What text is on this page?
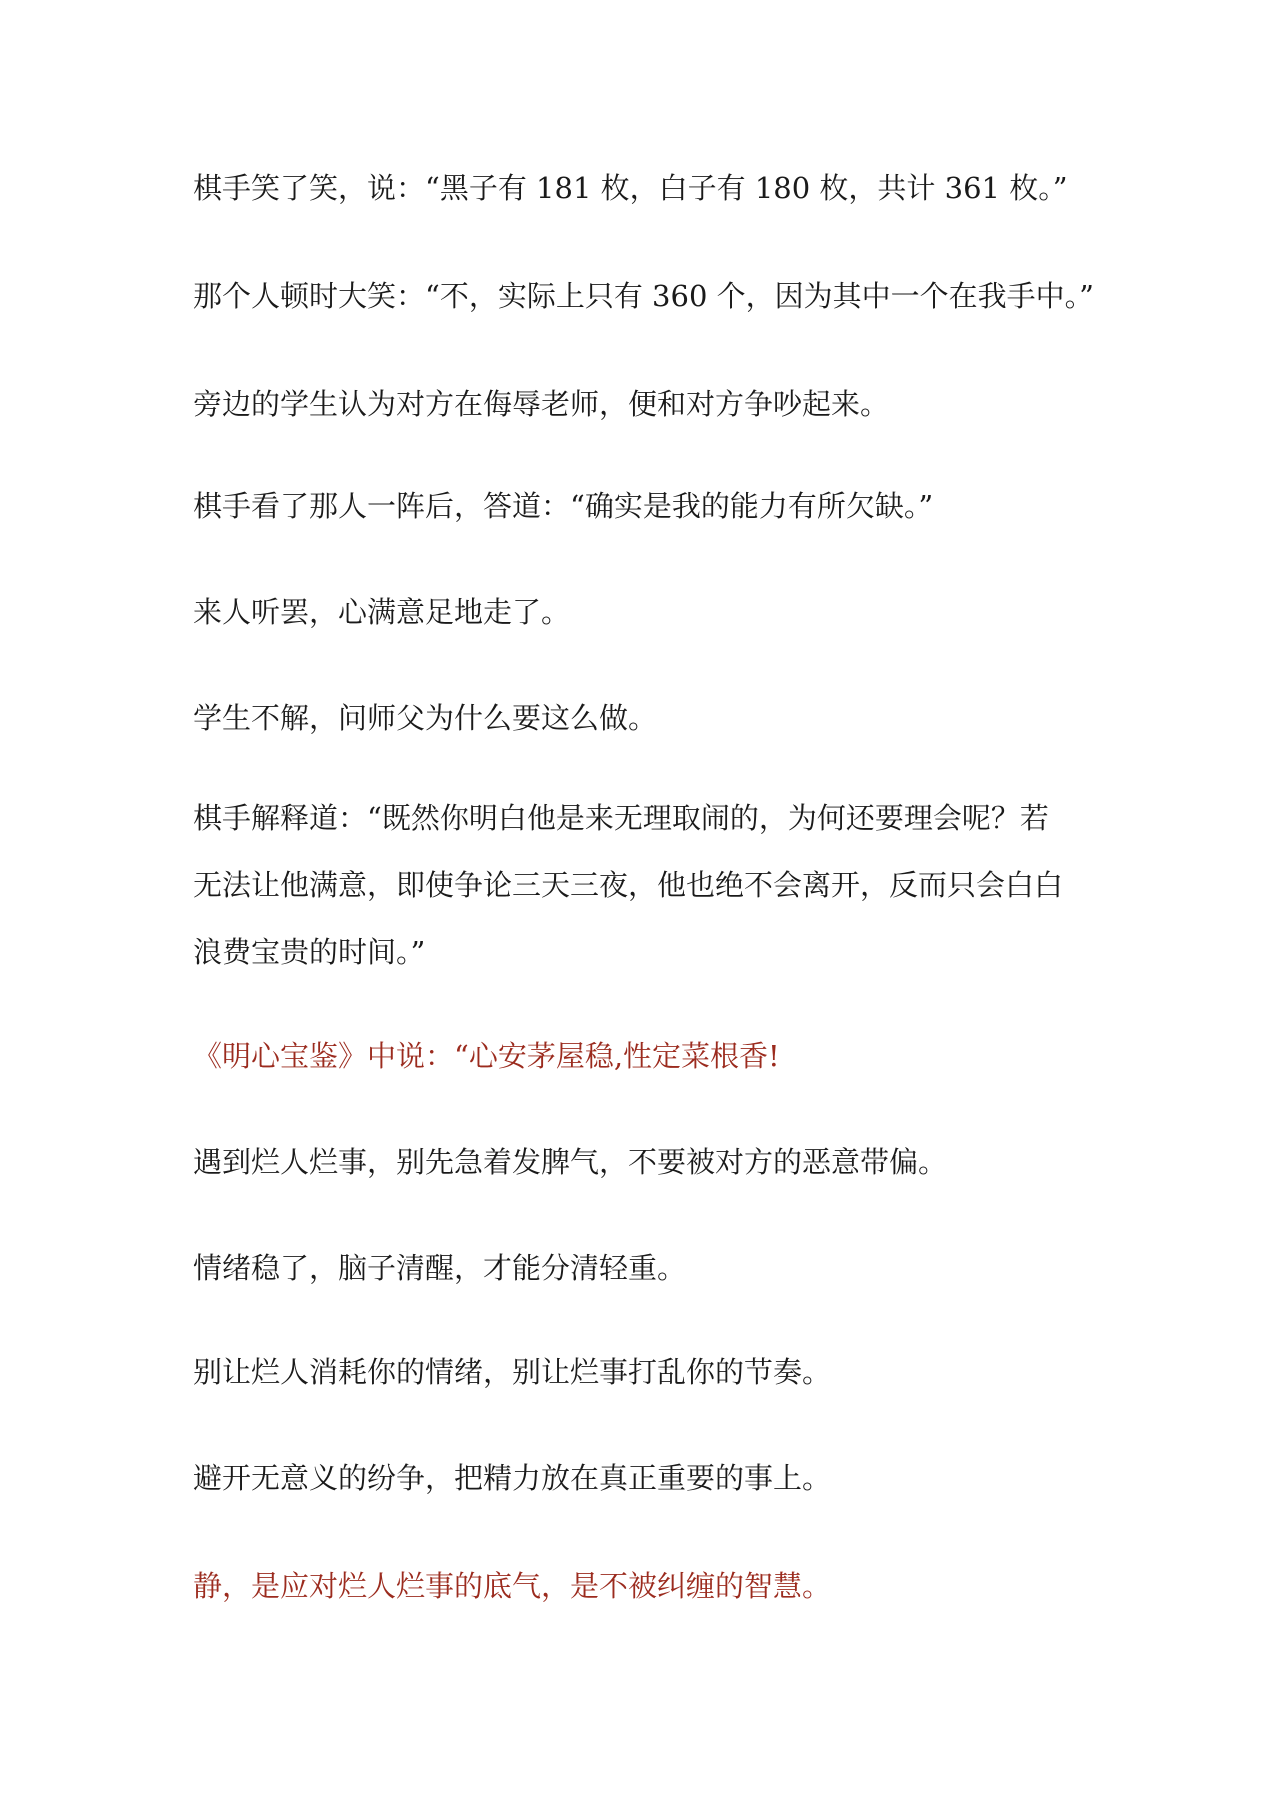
棋手笑了笑，说：“黑子有 181 枚，白子有 180 枚，共计 361 枚。”

那个人顿时大笑：“不，实际上只有 360 个，因为其中一个在我手中。”

旁边的学生认为对方在侮辱老师，便和对方争吵起来。

棋手看了那人一阵后，答道：“确实是我的能力有所欠缺。”

来人听罢，心满意足地走了。

学生不解，问师父为什么要这么做。

棋手解释道：“既然你明白他是来无理取闹的，为何还要理会呢？若
无法让他满意，即使争论三天三夜，他也绝不会离开，反而只会白白
浪费宝贵的时间。”

《明心宝鉴》中说：“心安茅屋稳,性定菜根香!

遇到烂人烂事，别先急着发脾气，不要被对方的恶意带偏。

情绪稳了，脑子清醒，才能分清轻重。

别让烂人消耗你的情绪，别让烂事打乱你的节奏。

避开无意义的纷争，把精力放在真正重要的事上。

静，是应对烂人烂事的底气，是不被纠缠的智慧。
